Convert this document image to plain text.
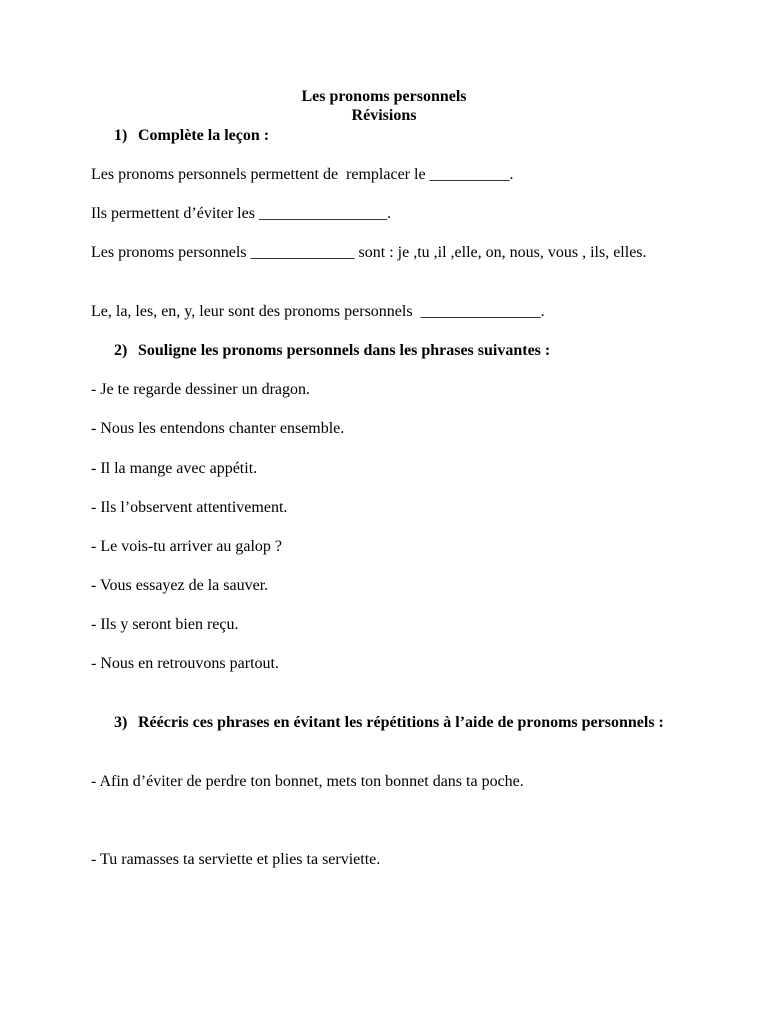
Les pronoms personnels
Révisions
1) Complète la leçon :
Les pronoms personnels permettent de  remplacer le __________.
Ils permettent d’éviter les ________________.
Les pronoms personnels _____________ sont : je ,tu ,il ,elle, on, nous, vous , ils, elles.
Le, la, les, en, y, leur sont des pronoms personnels  _______________.
2) Souligne les pronoms personnels dans les phrases suivantes :
- Je te regarde dessiner un dragon.
- Nous les entendons chanter ensemble.
- Il la mange avec appétit.
- Ils l’observent attentivement.
- Le vois-tu arriver au galop ?
- Vous essayez de la sauver.
- Ils y seront bien reçu.
- Nous en retrouvons partout.
3) Réécris ces phrases en évitant les répétitions à l’aide de pronoms personnels :
- Afin d’éviter de perdre ton bonnet, mets ton bonnet dans ta poche.
- Tu ramasses ta serviette et plies ta serviette.
